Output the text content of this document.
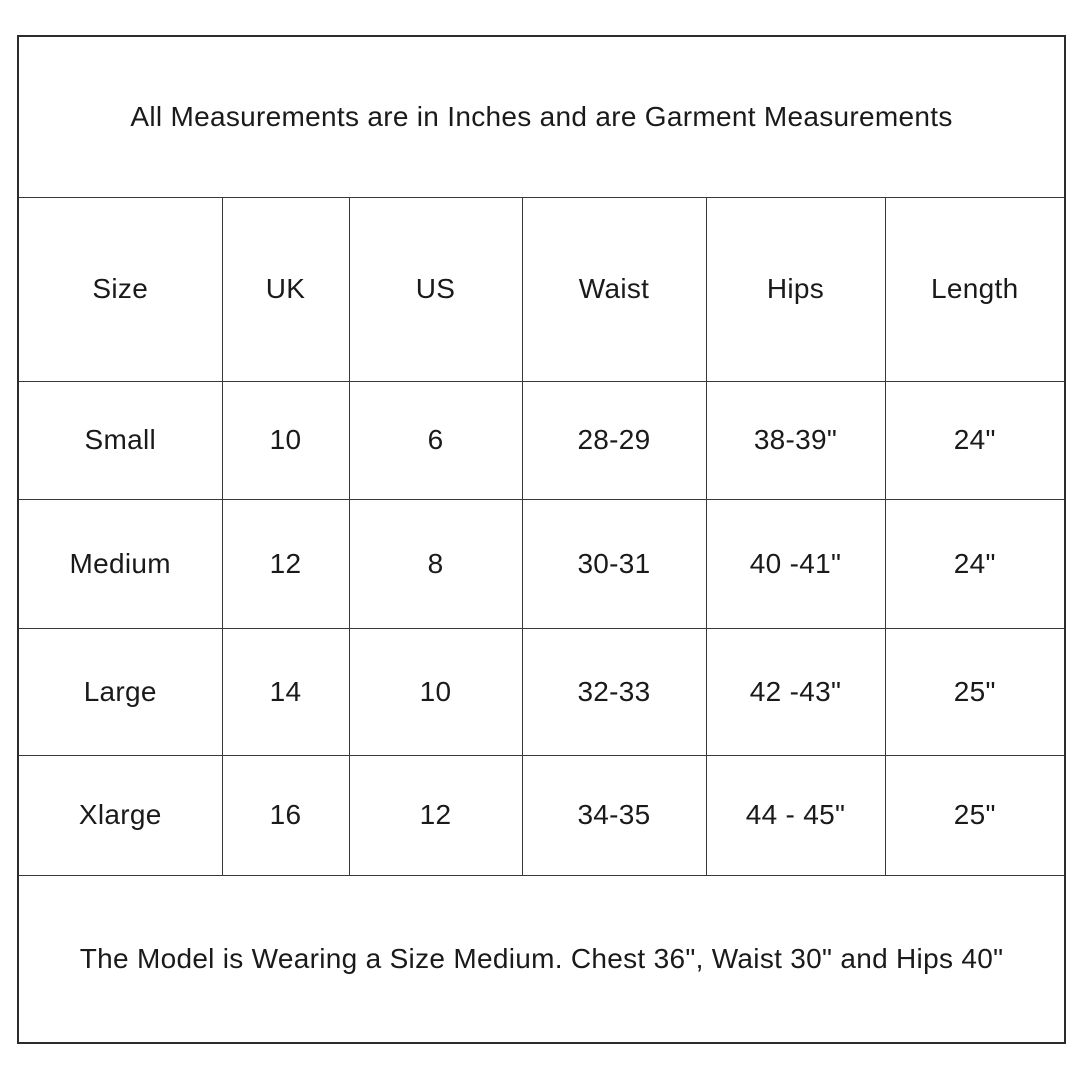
All Measurements are in Inches and are Garment Measurements					
Size	UK	US	Waist	Hips	Length
Small	10	6	28-29	38-39"	24"
Medium	12	8	30-31	40 -41"	24"
Large	14	10	32-33	42 -43"	25"
Xlarge	16	12	34-35	44 - 45"	25"
The Model is Wearing a Size Medium. Chest 36", Waist 30" and Hips 40"					
